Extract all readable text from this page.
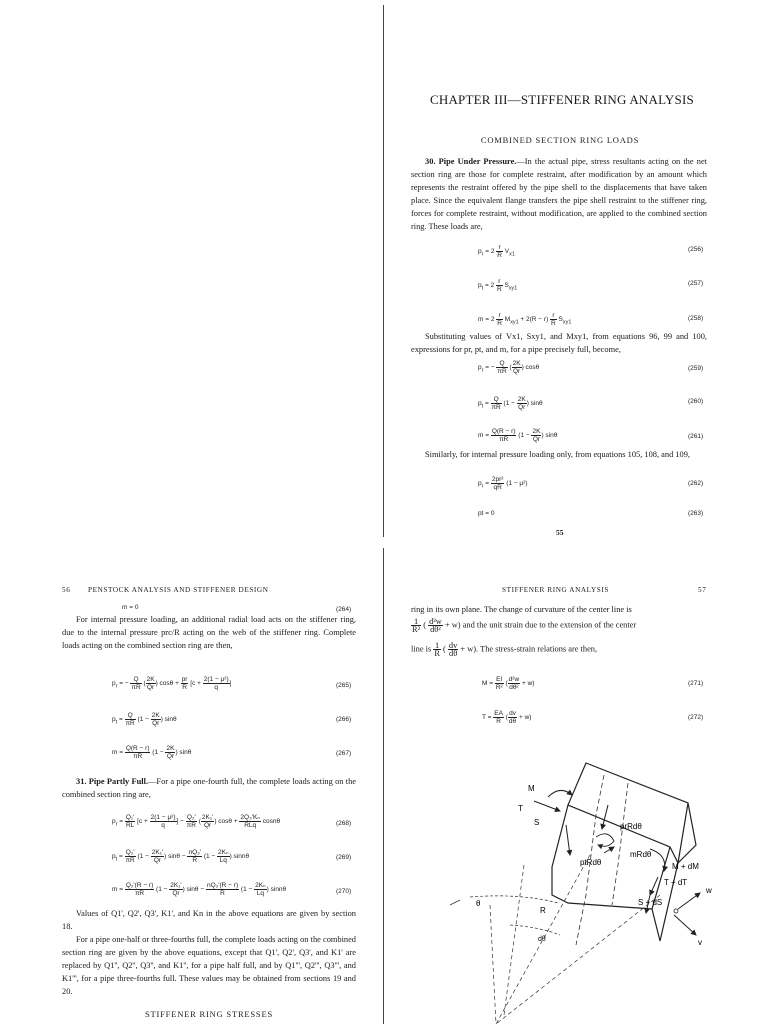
CHAPTER III—STIFFENER RING ANALYSIS
COMBINED SECTION RING LOADS
30. Pipe Under Pressure.—In the actual pipe, stress resultants acting on the net section ring are those for complete restraint, after modification by an amount which represents the restraint offered by the pipe shell to the displacements that have taken place. Since the equivalent flange transfers the pipe shell restraint to the stiffener ring, forces for complete restraint, without modification, are applied to the combined section ring. These loads are,
$p_r = 2 \frac{r}{R} V_{x1}$
(256)
$p_t = 2 \frac{r}{R} S_{xy1}$
(257)
$m = 2 \frac{r}{R} M_{xy1} + 2(R - r) \frac{r}{R} S_{xy1}$
(258)
Substituting values of Vx1, Sxy1, and Mxy1, from equations 96, 99 and 100, expressions for pr, pt, and m, for a pipe precisely full, become,
$p_r$ = − $\frac{Q}{\pi R}$ ( $\frac{2K}{Qr}$ ) cosθ	(259)
$p_t = \frac{Q}{\pi R} (1 - \frac{2K}{Qr}$ ) sinθ	(260)
$m = \frac{Q(R - r)}{\pi R} (1 - \frac{2K}{Qr}$ ) sinθ	(261)
Similarly, for internal pressure loading only, from equations 105, 108, and 109,
$p_r = \frac{\text{2pr²}}{qR} (1 - \mu^2)$	(262)
pt = 0	(263)
55
56 PENSTOCK ANALYSIS AND STIFFENER DESIGN
m = 0	(264)
For internal pressure loading, an additional radial load acts on the stiffener ring, due to the internal pressure prc/R acting on the web of the stiffener ring. Complete loads acting on the combined section ring are then,
$p_r$ = − $\frac{Q}{\pi R}$ ( $\frac{2K}{Qr}$ ) $\cos\theta + \frac{pr}{R} [c + \frac{\text{2(1 − μ²)}}{q}$ ]	(265)
$p_t = \frac{Q}{\pi R} (1 - \frac{2K}{Qr}$ ) sinθ	(266)
$m = \frac{Q(R - r)}{\pi R} (1 - \frac{2K}{Qr}$ ) sinθ	(267)
31. Pipe Partly Full.—For a pipe one-fourth full, the complete loads acting on the combined section ring are,
$p_r = \frac{\text{Q₁'}}{RL} [c + \frac{\text{2(1 − μ²)}}{q}$ ] − $\frac{\text{Q₂'}}{\pi R}$ ( $\frac{\text{2K₁'}}{Qr}$ ) $\cos\theta + \frac{\text{2Q₃'Kₙ}}{\text{RLq}}$ cosnθ	(268)
$p_t = \frac{\text{Q₂'}}{\pi R} (1 - \frac{\text{2K₁'}}{Qr}$ ) $\sin\theta - \frac{\text{nQ₃'}}{R} (1 - \frac{\text{2Kₙ}}{Lq}$ ) sinnθ	(269)
$m = \frac{\text{Q₂'(R − r)}}{\pi R} (1 - \frac{\text{2K₁'}}{Qr}$ ) $\sin\theta - \frac{\text{nQ₃'(R − r)}}{R} (1 - \frac{\text{2Kₙ}}{Lq}$ ) sinnθ	(270)
Values of Q1', Q2', Q3', K1', and Kn in the above equations are given by section 18.
For a pipe one-half or three-fourths full, the complete loads acting on the combined section ring are given by the above equations, except that Q1', Q2', Q3', and K1' are replaced by Q1'', Q2'', Q3'', and K1'', for a pipe half full, and by Q1''', Q2''', Q3''', and K1''', for a pipe three-fourths full. These values may be obtained from sections 19 and 20.
STIFFENER RING STRESSES
STIFFENER RING ANALYSIS	57
ring in its own plane. The change of curvature of the center line is
$\frac{1}{\text{R²}}$ ( $\frac{\text{d²w}}{\text{dθ²}} + w$) and the unit strain due to the extension of the center
line is $\frac{1}{R}$ ( $\frac{dv}{d\theta} + w$). The stress-strain relations are then,
$M = \frac{EI}{\text{R²}}$ ( $\frac{\text{d²w}}{\text{dθ²}} + w$)	(271)
$T = \frac{EA}{R}$ ( $\frac{dv}{d\theta} + w$)	(272)
M
T
S	prRdθ
mRdθ
ptRdθ	M + dM
T + dT
S + dS
R
θ
dθ
w
v
